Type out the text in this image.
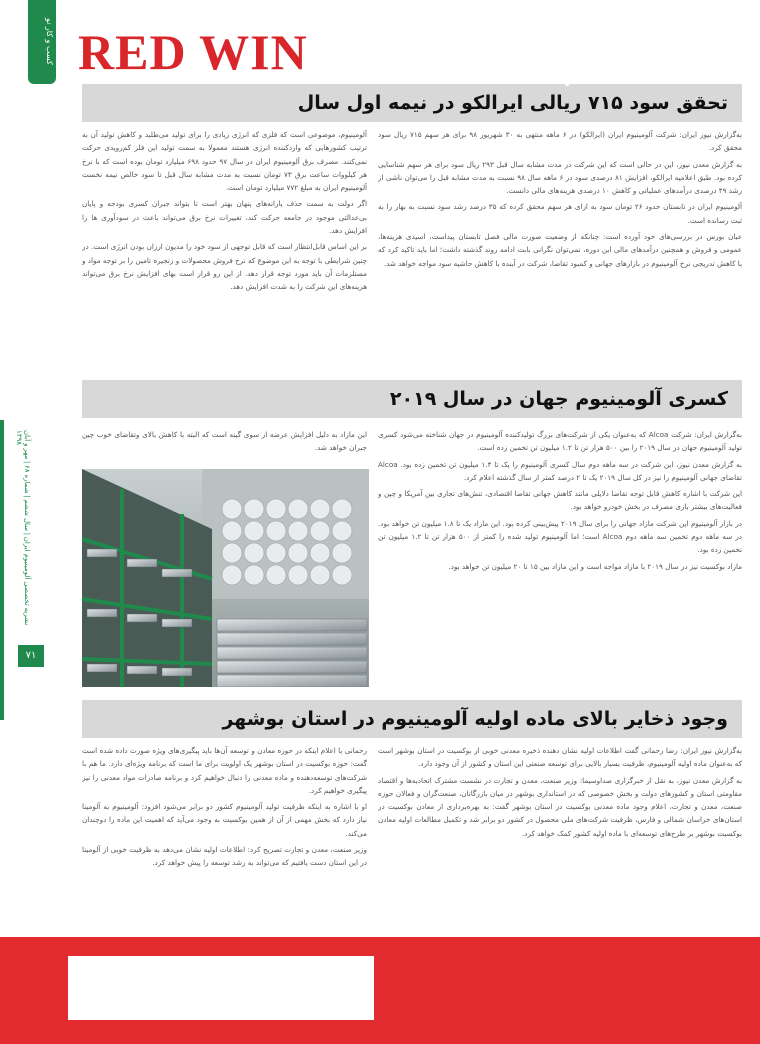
کسب و کار نو
نشریه تخصصی آلومینیوم ایران | سال ششم | شماره ۶۸ | مهر و آبان ۱۳۹۸
۷۱
تحقق سود ۷۱۵ ریالی ایرالکو در نیمه اول سال

به‌گزارش نیوز ایران: شرکت آلومینیوم ایران (ایرالکو) در ۶ ماهه منتهی به ۳۰ شهریور ۹۸ برای هر سهم ۷۱۵ ریال سود محقق کرد.

به گزارش معدن نیوز، این در حالی است که این شرکت در مدت مشابه سال قبل ۲۹۳ ریال سود برای هر سهم شناسایی کرده بود. طبق اعلامیه ایرالکو، افزایش ۸۱ درصدی سود در ۶ ماهه سال ۹۸ نسبت به مدت مشابه قبل را می‌توان ناشی از رشد ۴۹ درصدی درآمدهای عملیاتی و کاهش ۱۰ درصدی هزینه‌های مالی دانست.

آلومینیوم ایران در تابستان حدود ۲۶ تومان سود به ازای هر سهم محقق کرده که ۳۵ درصد رشد سود نسبت به بهار را به ثبت رسانده است.

عیان بورس در بررسی‌های خود آورده است: چنانکه از وضعیت صورت مالی فصل تابستان پیداست، اسیدی هزینه‌ها، عمومی و فروش و همچنین درآمدهای مالی این دوره، نمی‌توان نگرانی بابت ادامه روند گذشته داشت؛ اما باید تاکید کرد که با کاهش تدریجی نرخ آلومینیوم در بازارهای جهانی و کمبود تقاضا، شرکت در آینده با کاهش حاشیه سود مواجه خواهد شد.

آلومینیوم، موضوعی است که فلزی که انرژی زیادی را برای تولید می‌طلبد و کاهش تولید آن به ترتیب کشورهایی که واردکننده انرژی هستند معمولا به سمت تولید این فلز کم‌رویدی حرکت نمی‌کنند. مصرف برق آلومینیوم ایران در سال ۹۷ حدود ۶۹۸ میلیارد تومان بوده است که با نرخ هر کیلووات ساعت برق ۷۳ تومان نسبت به مدت مشابه سال قبل تا سود خالص نیمه نخست آلومینیوم ایران به مبلغ ۷۷۲ میلیارد تومان است.

اگر دولت به سمت حذف یارانه‌های پنهان بهتر است تا بتواند جبران کسری بودجه و پایان بی‌عدالتی موجود در جامعه حرکت کند، تغییرات نرخ برق می‌تواند باعث در سودآوری ها را افزایش دهد.

بر این اساس قابل‌انتظار است که قابل توجهی از سود خود را مدیون ارزان بودن انرژی است. در چنین شرایطی با توجه به این موضوع که نرخ فروش محصولات و زنجیره تامین را بر توجه مواد و مستلزمات آن باید مورد توجه قرار دهد. از این رو قرار است بهای افزایش نرخ برق می‌تواند هزینه‌های این شرکت را به شدت افزایش دهد.

کسری آلومینیوم جهان در سال ۲۰۱۹

به‌گزارش ایران: شرکت Alcoa که به‌عنوان یکی از شرکت‌های بزرگ تولیدکننده آلومینیوم در جهان شناخته می‌شود کسری تولید آلومینیوم جهان در سال ۲۰۱۹ را بین ۵۰۰ هزار تن تا ۱.۲ میلیون تن تخمین زده است.

به گزارش معدن نیوز، این شرکت در سه ماهه دوم سال کسری آلومینیوم را یک تا ۱.۴ میلیون تن تخمین زده بود. Alcoa تقاضای جهانی آلومینیوم را نیز در کل سال ۲۰۱۹ یک تا ۲ درصد کمتر از سال گذشته اعلام کرد.

این شرکت با اشاره کاهش قابل توجه تقاضا دلایلی مانند کاهش جهانی تقاضا اقتصادی، تنش‌های تجاری بین آمریکا و چین و فعالیت‌های بیشتر بازی مصرف در بخش خودرو خواهد بود.

در بازار آلومینیوم این شرکت مازاد جهانی را برای سال ۲۰۱۹ پیش‌بینی کرده بود. این مازاد یک تا ۱.۸ میلیون تن خواهد بود. در سه ماهه دوم تخمین سه ماهه دوم Alcoa است؛ اما آلومینیوم تولید شده را کمتر از ۵۰۰ هزار تن تا ۱.۲ میلیون تن تخمین زده بود.

مازاد بوکسیت نیز در سال ۲۰۱۹ با مازاد مواجه است و این مازاد بین ۱۵ تا ۲۰ میلیون تن خواهد بود.

این مازاد به دلیل افزایش عرضه از سوی گینه است که البته با کاهش بالای وتقاضای خوب چین جبران خواهد شد.

وجود ذخایر بالای ماده اولیه آلومینیوم در استان بوشهر

به‌گزارش نیوز ایران: رضا رحمانی گفت اطلاعات اولیه نشان دهنده ذخیره معدنی خوبی از بوکسیت در استان بوشهر است که به‌عنوان ماده اولیه آلومینیوم، ظرفیت بسیار بالایی برای توسعه صنعتی این استان و کشور از آن وجود دارد.

به گزارش معدن نیوز، به نقل از خبرگزاری صداوسیما: وزیر صنعت، معدن و تجارت در نشست مشترک اتحادیه‌ها و اقتصاد مقاومتی استان و کشورهای دولت و بخش خصوصی که در استانداری بوشهر در میان بازرگانان، صنعت‌گران و فعالان حوزه صنعت، معدن و تجارت، اعلام وجود ماده معدنی بوکسیت در استان بوشهر گفت: به بهره‌برداری از معادن بوکسیت در استان‌های خراسان شمالی و فارس، ظرفیت شرکت‌های ملی محصول در کشور دو برابر شد و تکمیل مطالعات اولیه معادن بوکسیت بوشهر بر طرح‌های توسعه‌ای با ماده اولیه کشور کمک خواهد کرد.

رحمانی با اعلام اینکه در حوزه معادن و توسعه آن‌ها باید پیگیری‌های ویژه صورت داده شده است گفت: حوزه بوکسیت در استان بوشهر یک اولویت برای ما است که برنامه ویژه‌ای دارد. ما هم با شرکت‌های توسعه‌دهنده و ماده معدنی را دنبال خواهیم کرد و برنامه صادرات مواد معدنی را نیز پیگیری خواهیم کرد.

او با اشاره به اینکه ظرفیت تولید آلومینیوم کشور دو برابر می‌شود افزود: آلومینیوم به آلومینا نیاز دارد که بخش مهمی از آن از همین بوکسیت به وجود می‌آید که اهمیت این ماده را دوچندان می‌کند.

وزیر صنعت، معدن و تجارت تصریح کرد: اطلاعات اولیه نشان می‌دهد به ظرفیت خوبی از آلومینا در این استان دست یافتیم که می‌تواند به رشد توسعه را پیش خواهد کرد.

RED WIN	www.redwinupvc.com
